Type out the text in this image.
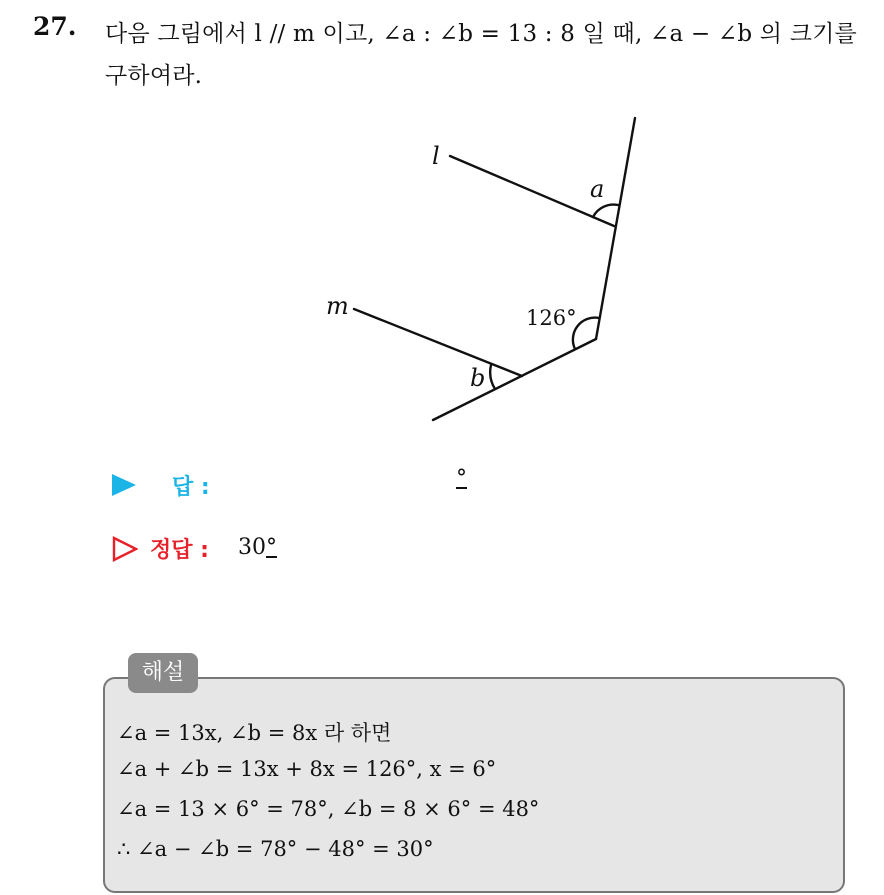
27. 다음 그림에서 l // m 이고, ∠a : ∠b = 13 : 8 일 때, ∠a − ∠b 의 크기를
구하여라.
l
m
a
b
126°
답 :	°
정답 : 30°
해설
∠a = 13x, ∠b = 8x 라 하면
∠a + ∠b = 13x + 8x = 126°, x = 6°
∠a = 13 × 6° = 78°, ∠b = 8 × 6° = 48°
∴ ∠a − ∠b = 78° − 48° = 30°
